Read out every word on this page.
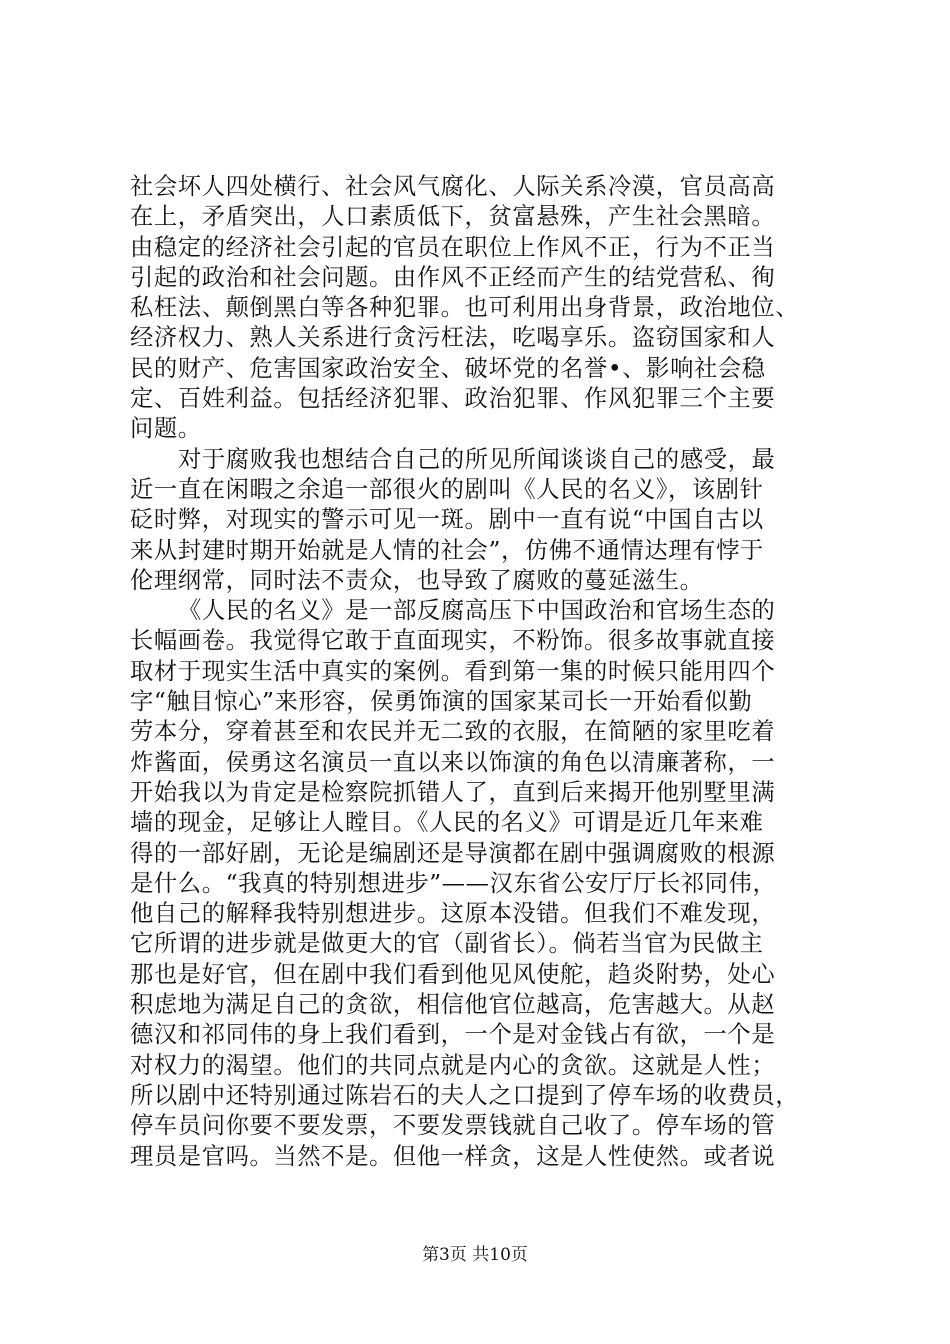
社会坏人四处横行、社会风气腐化、人际关系冷漠，官员高高
在上，矛盾突出，人口素质低下，贫富悬殊，产生社会黑暗。
由稳定的经济社会引起的官员在职位上作风不正，行为不正当
引起的政治和社会问题。由作风不正经而产生的结党营私、徇
私枉法、颠倒黑白等各种犯罪。也可利用出身背景，政治地位、
经济权力、熟人关系进行贪污枉法，吃喝享乐。盗窃国家和人
民的财产、危害国家政治安全、破坏党的名誉•、影响社会稳
定、百姓利益。包括经济犯罪、政治犯罪、作风犯罪三个主要
问题。
对于腐败我也想结合自己的所见所闻谈谈自己的感受，最
近一直在闲暇之余追一部很火的剧叫《人民的名义》，该剧针
砭时弊，对现实的警示可见一斑。剧中一直有说“中国自古以
来从封建时期开始就是人情的社会”，仿佛不通情达理有悖于
伦理纲常，同时法不责众，也导致了腐败的蔓延滋生。
《人民的名义》是一部反腐高压下中国政治和官场生态的
长幅画卷。我觉得它敢于直面现实，不粉饰。很多故事就直接
取材于现实生活中真实的案例。看到第一集的时候只能用四个
字“触目惊心”来形容，侯勇饰演的国家某司长一开始看似勤
劳本分，穿着甚至和农民并无二致的衣服，在简陋的家里吃着
炸酱面，侯勇这名演员一直以来以饰演的角色以清廉著称，一
开始我以为肯定是检察院抓错人了，直到后来揭开他别墅里满
墙的现金，足够让人瞠目。《人民的名义》可谓是近几年来难
得的一部好剧，无论是编剧还是导演都在剧中强调腐败的根源
是什么。“我真的特别想进步”——汉东省公安厅厅长祁同伟，
他自己的解释我特别想进步。这原本没错。但我们不难发现，
它所谓的进步就是做更大的官（副省长）。倘若当官为民做主
那也是好官，但在剧中我们看到他见风使舵，趋炎附势，处心
积虑地为满足自己的贪欲，相信他官位越高，危害越大。从赵
德汉和祁同伟的身上我们看到，一个是对金钱占有欲，一个是
对权力的渴望。他们的共同点就是内心的贪欲。这就是人性；
所以剧中还特别通过陈岩石的夫人之口提到了停车场的收费员，
停车员问你要不要发票，不要发票钱就自己收了。停车场的管
理员是官吗。当然不是。但他一样贪，这是人性使然。或者说
第3页 共10页
